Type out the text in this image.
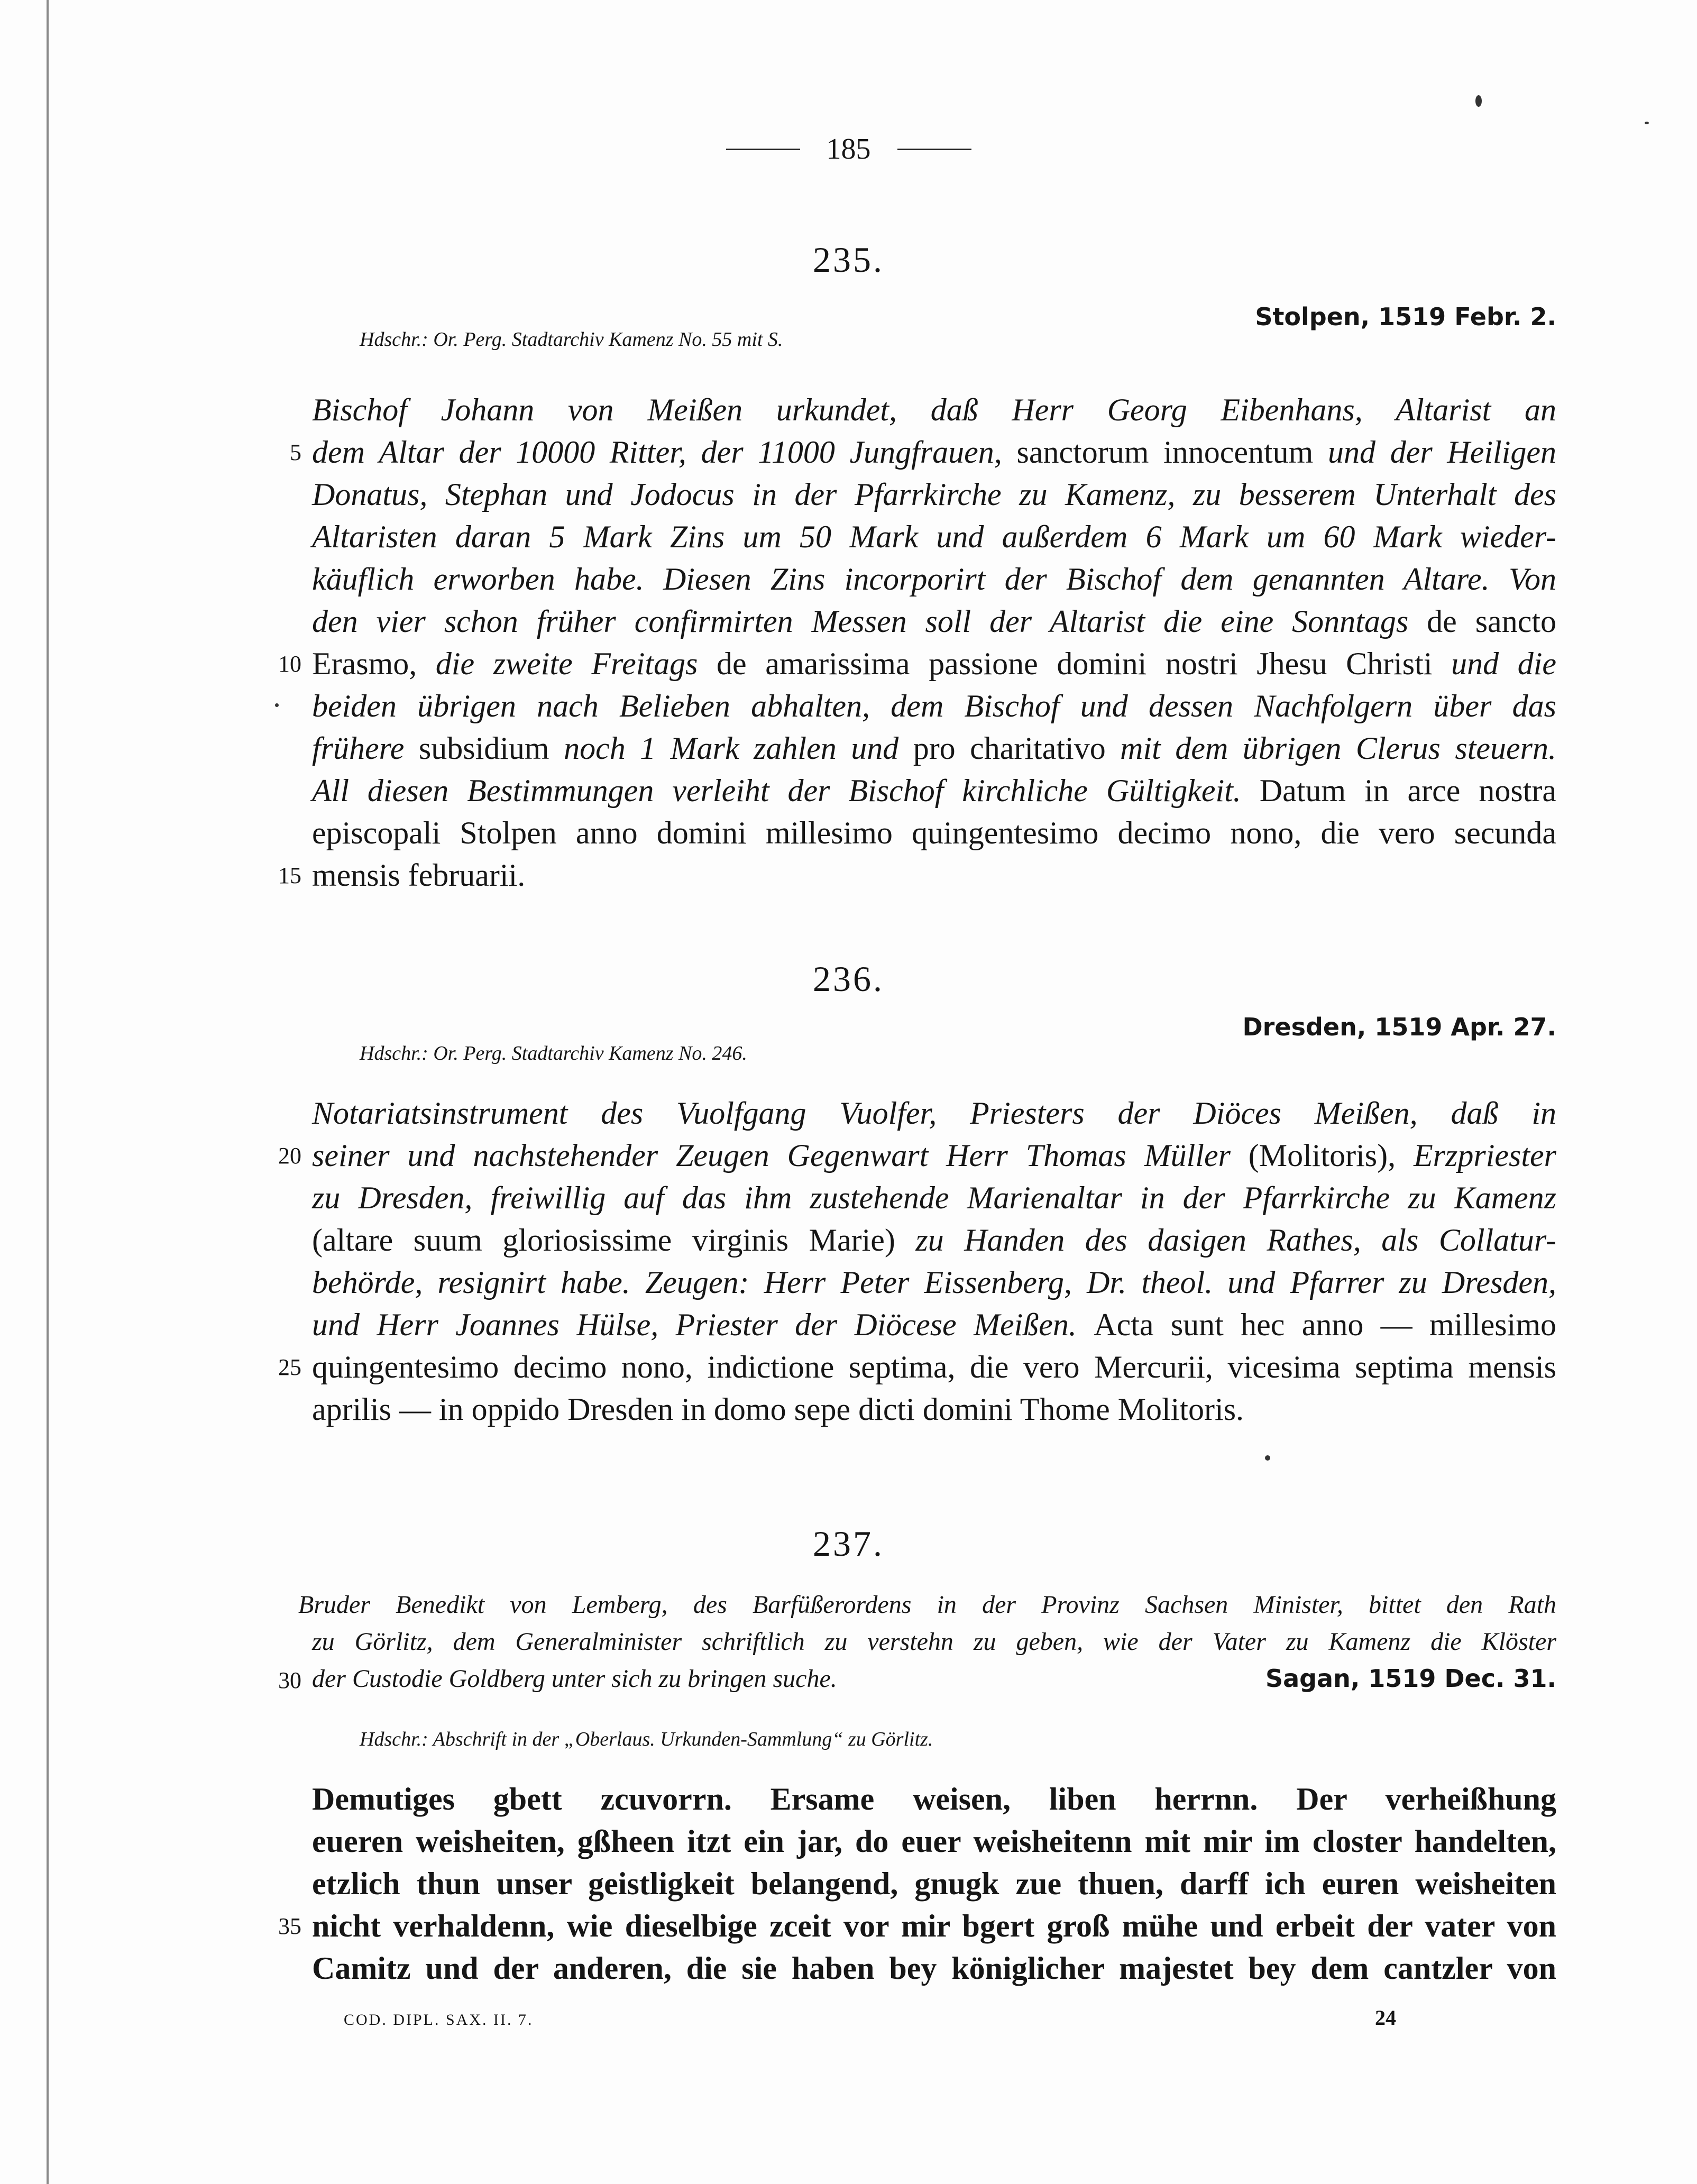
185
235.
Stolpen, 1519 Febr. 2.
Hdschr.: Or. Perg. Stadtarchiv Kamenz No. 55 mit S.
Bischof Johann von Meißen urkundet, daß Herr Georg Eibenhans, Altarist an
dem Altar der 10000 Ritter, der 11000 Jungfrauen, sanctorum innocentum und der Heiligen
Donatus, Stephan und Jodocus in der Pfarrkirche zu Kamenz, zu besserem Unterhalt des
Altaristen daran 5 Mark Zins um 50 Mark und außerdem 6 Mark um 60 Mark wieder-
käuflich erworben habe. Diesen Zins incorporirt der Bischof dem genannten Altare. Von
den vier schon früher confirmirten Messen soll der Altarist die eine Sonntags de sancto
Erasmo, die zweite Freitags de amarissima passione domini nostri Jhesu Christi und die
beiden übrigen nach Belieben abhalten, dem Bischof und dessen Nachfolgern über das
frühere subsidium noch 1 Mark zahlen und pro charitativo mit dem übrigen Clerus steuern.
All diesen Bestimmungen verleiht der Bischof kirchliche Gültigkeit. Datum in arce nostra
episcopali Stolpen anno domini millesimo quingentesimo decimo nono, die vero secunda
mensis februarii.
236.
Dresden, 1519 Apr. 27.
Hdschr.: Or. Perg. Stadtarchiv Kamenz No. 246.
Notariatsinstrument des Vuolfgang Vuolfer, Priesters der Diöces Meißen, daß in
seiner und nachstehender Zeugen Gegenwart Herr Thomas Müller (Molitoris), Erzpriester
zu Dresden, freiwillig auf das ihm zustehende Marienaltar in der Pfarrkirche zu Kamenz
(altare suum gloriosissime virginis Marie) zu Handen des dasigen Rathes, als Collatur-
behörde, resignirt habe. Zeugen: Herr Peter Eissenberg, Dr. theol. und Pfarrer zu Dresden,
und Herr Joannes Hülse, Priester der Diöcese Meißen. Acta sunt hec anno — millesimo
quingentesimo decimo nono, indictione septima, die vero Mercurii, vicesima septima mensis
aprilis — in oppido Dresden in domo sepe dicti domini Thome Molitoris.
237.
Bruder Benedikt von Lemberg, des Barfüßerordens in der Provinz Sachsen Minister, bittet den Rath
zu Görlitz, dem Generalminister schriftlich zu verstehn zu geben, wie der Vater zu Kamenz die Klöster
der Custodie Goldberg unter sich zu bringen suche.	Sagan, 1519 Dec. 31.
Hdschr.: Abschrift in der „Oberlaus. Urkunden-Sammlung“ zu Görlitz.
Demutiges gbett zcuvorrn. Ersame weisen, liben herrnn. Der verheißhung
eueren weisheiten, gßheen itzt ein jar, do euer weisheitenn mit mir im closter handelten,
etzlich thun unser geistligkeit belangend, gnugk zue thuen, darff ich euren weisheiten
nicht verhaldenn, wie dieselbige zceit vor mir bgert groß mühe und erbeit der vater von
Camitz und der anderen, die sie haben bey königlicher majestet bey dem cantzler von
5
10
15
20
25
30
35
COD. DIPL. SAX. II. 7.	24
